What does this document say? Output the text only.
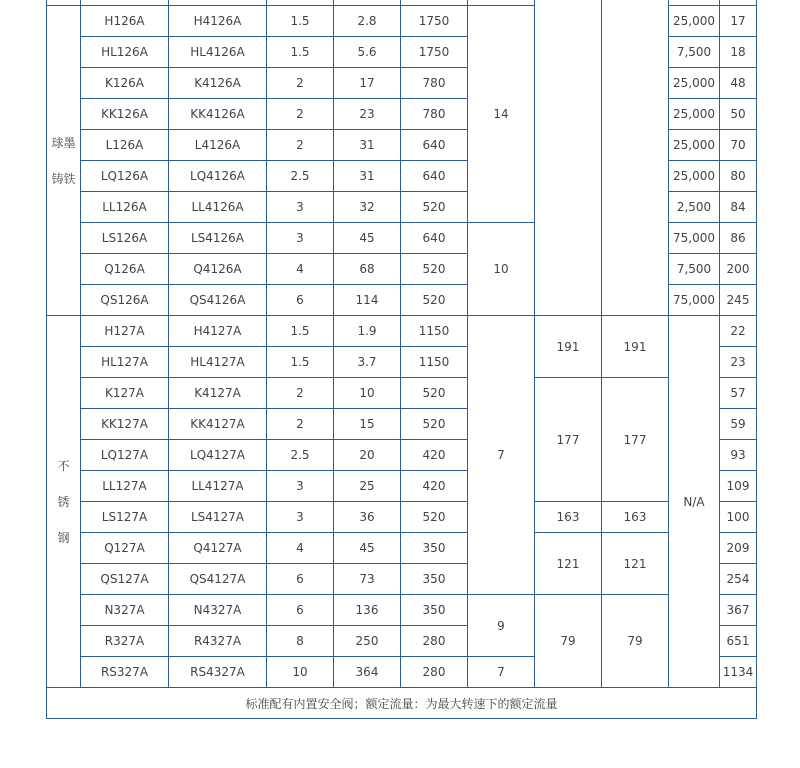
球墨
铸铁	H126A	H4126A	1.5	2.8	1750	14			25,000	17
	HL126A	HL4126A	1.5	5.6	1750				7,500	18
	K126A	K4126A	2	17	780				25,000	48
	KK126A	KK4126A	2	23	780				25,000	50
	L126A	L4126A	2	31	640				25,000	70
	LQ126A	LQ4126A	2.5	31	640				25,000	80
	LL126A	LL4126A	3	32	520				2,500	84
	LS126A	LS4126A	3	45	640	10			75,000	86
	Q126A	Q4126A	4	68	520				7,500	200
	QS126A	QS4126A	6	114	520				75,000	245

不
锈
钢	H127A	H4127A	1.5	1.9	1150	7	191	191	N/A	22
	HL127A	HL4127A	1.5	3.7	1150					23
	K127A	K4127A	2	10	520		177	177		57
	KK127A	KK4127A	2	15	520					59
	LQ127A	LQ4127A	2.5	20	420					93
	LL127A	LL4127A	3	25	420					109
	LS127A	LS4127A	3	36	520		163	163		100
	Q127A	Q4127A	4	45	350		121	121		209
	QS127A	QS4127A	6	73	350					254
	N327A	N4327A	6	136	350	9	79	79		367
	R327A	R4327A	8	250	280					651
	RS327A	RS4327A	10	364	280	7				1134
标准配有内置安全阀；额定流量：为最大转速下的额定流量										
